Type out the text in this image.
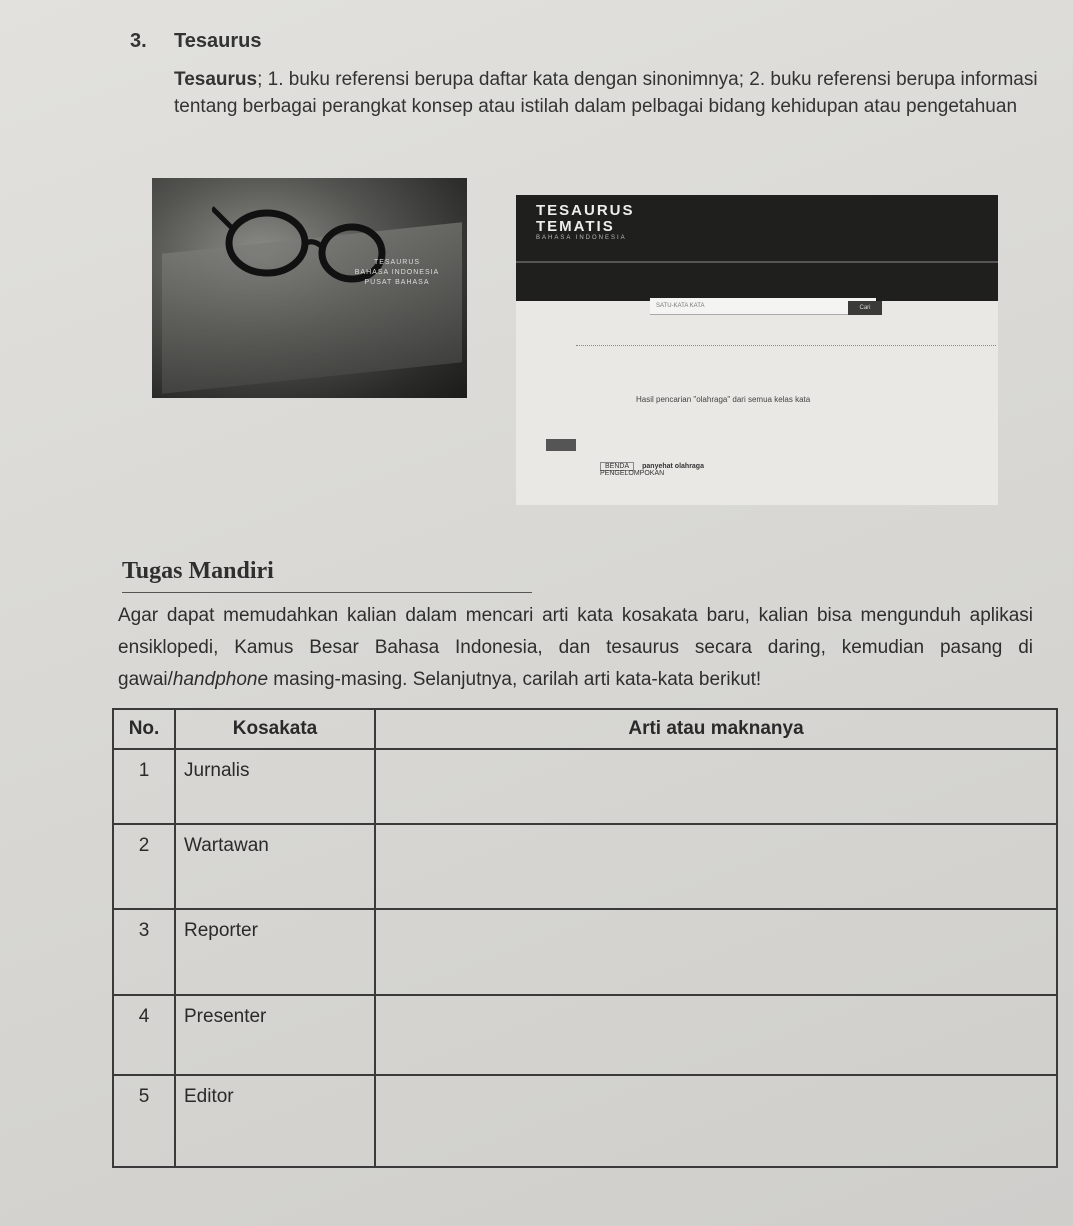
3. Tesaurus
Tesaurus; 1. buku referensi berupa daftar kata dengan sinonimnya; 2. buku referensi berupa informasi tentang berbagai perangkat konsep atau istilah dalam pelbagai bidang kehidupan atau pengetahuan
TESAURUS
BAHASA INDONESIA
PUSAT BAHASA
TESAURUS
TEMATIS
BAHASA INDONESIA
SATU-KATA KATA	Cari
Hasil pencarian "olahraga" dari semua kelas kata
BENDA panyehat olahraga
PENGELOMPOKAN
Tugas Mandiri
Agar dapat memudahkan kalian dalam mencari arti kata kosakata baru, kalian bisa mengunduh aplikasi ensiklopedi, Kamus Besar Bahasa Indonesia, dan tesaurus secara daring, kemudian pasang di gawai/handphone masing-masing. Selanjutnya, carilah arti kata-kata berikut!
No.	Kosakata	Arti atau maknanya
1	Jurnalis	
2	Wartawan	
3	Reporter	
4	Presenter	
5	Editor	
